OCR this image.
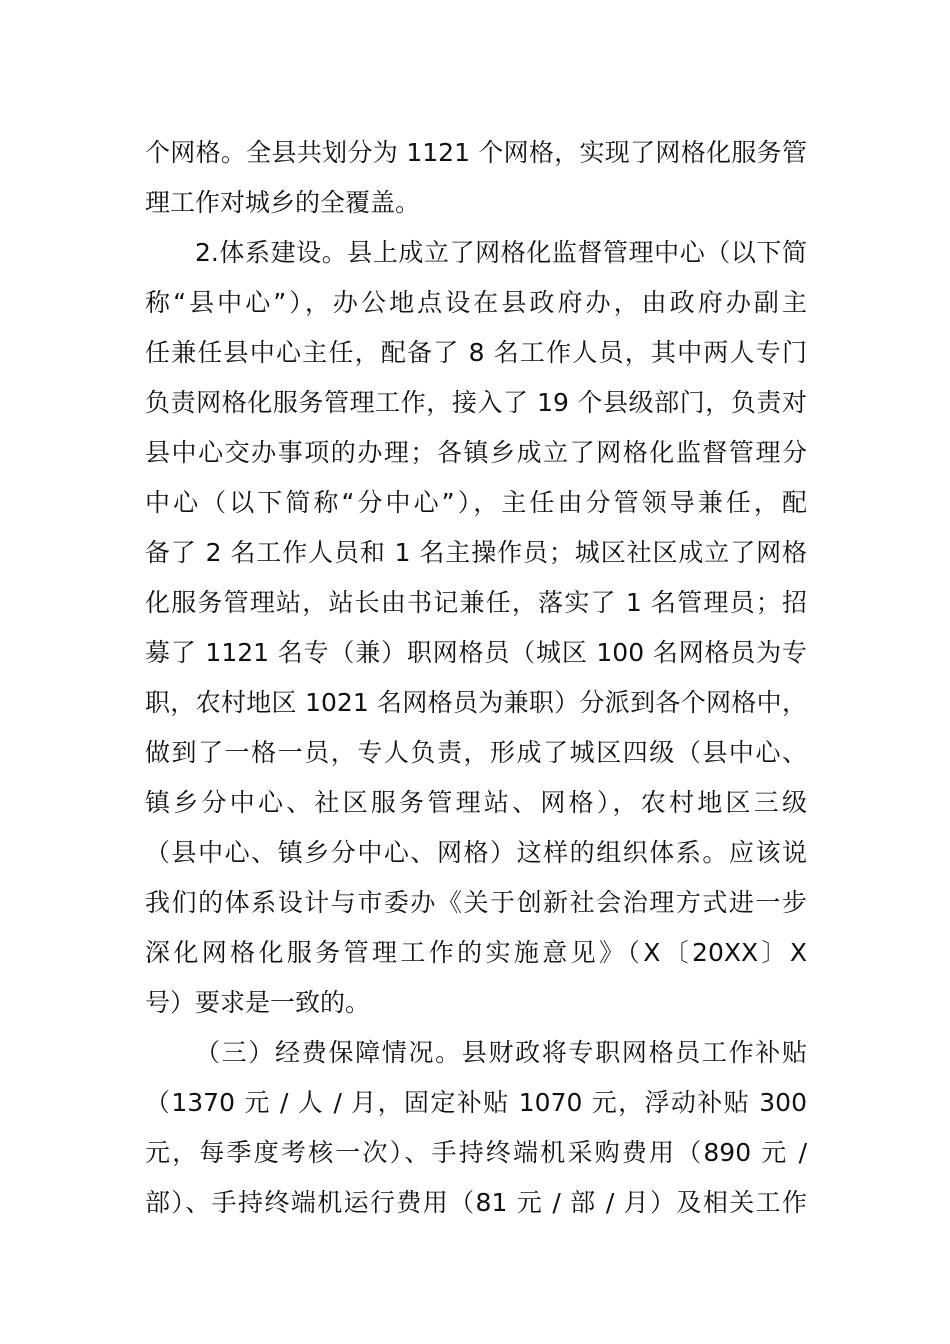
个网格。全县共划分为 1121 个网格，实现了网格化服务管
理工作对城乡的全覆盖。
2.体系建设。县上成立了网格化监督管理中心（以下简
称“县中心”），办公地点设在县政府办，由政府办副主
任兼任县中心主任，配备了 8 名工作人员，其中两人专门
负责网格化服务管理工作，接入了 19 个县级部门，负责对
县中心交办事项的办理；各镇乡成立了网格化监督管理分
中心（以下简称“分中心”），主任由分管领导兼任，配
备了 2 名工作人员和 1 名主操作员；城区社区成立了网格
化服务管理站，站长由书记兼任，落实了 1 名管理员；招
募了 1121 名专（兼）职网格员（城区 100 名网格员为专
职，农村地区 1021 名网格员为兼职）分派到各个网格中，
做到了一格一员，专人负责，形成了城区四级（县中心、
镇乡分中心、社区服务管理站、网格），农村地区三级
（县中心、镇乡分中心、网格）这样的组织体系。应该说
我们的体系设计与市委办《关于创新社会治理方式进一步
深化网格化服务管理工作的实施意见》（X〔20XX〕X
号）要求是一致的。
（三）经费保障情况。县财政将专职网格员工作补贴
（1370 元 / 人 / 月，固定补贴 1070 元，浮动补贴 300
元，每季度考核一次）、手持终端机采购费用（890 元 /
部）、手持终端机运行费用（81 元 / 部 / 月）及相关工作
